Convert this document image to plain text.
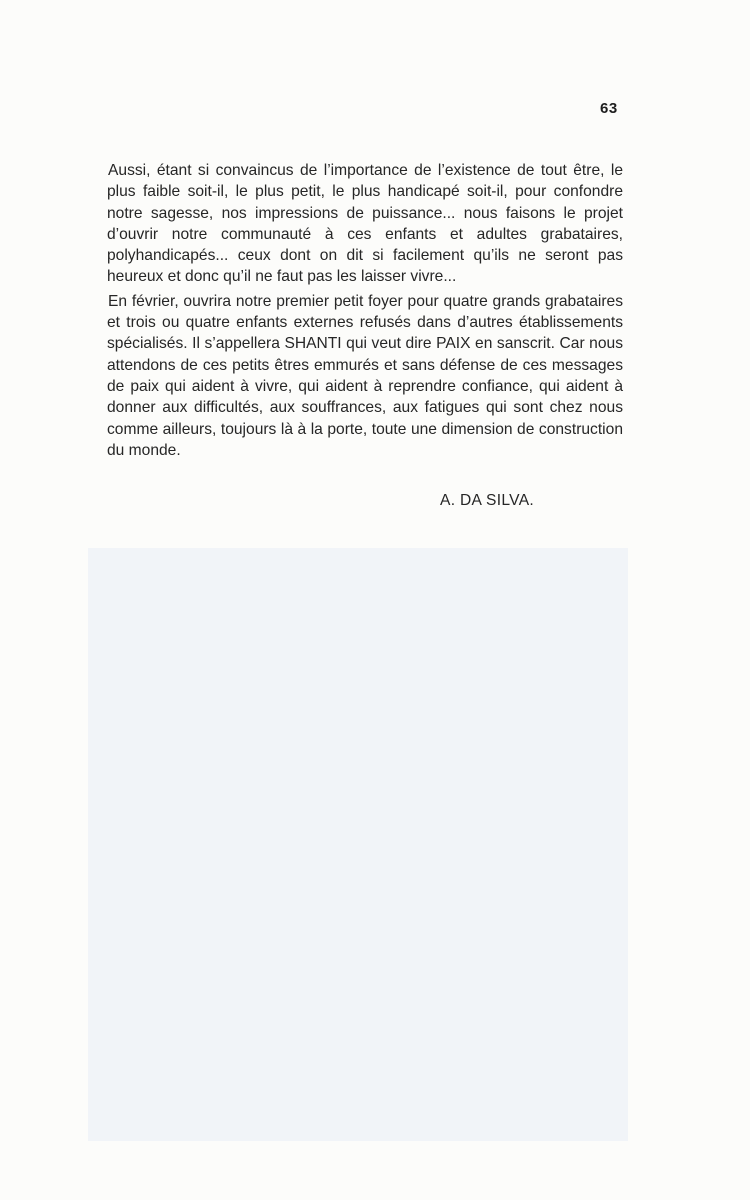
63

Aussi, étant si convaincus de l’importance de l’existence de tout être, le plus faible soit-il, le plus petit, le plus handicapé soit-il, pour confondre notre sagesse, nos impressions de puissance... nous faisons le projet d’ouvrir notre communauté à ces enfants et adultes grabataires, polyhandicapés... ceux dont on dit si facilement qu’ils ne seront pas heureux et donc qu’il ne faut pas les laisser vivre...

En février, ouvrira notre premier petit foyer pour quatre grands grabataires et trois ou quatre enfants externes refusés dans d’autres établissements spécialisés. Il s’appellera SHANTI qui veut dire PAIX en sanscrit. Car nous attendons de ces petits êtres emmurés et sans défense de ces messages de paix qui aident à vivre, qui aident à reprendre confiance, qui aident à donner aux difficultés, aux souffrances, aux fatigues qui sont chez nous comme ailleurs, toujours là à la porte, toute une dimension de construction du monde.

A. DA SILVA.
